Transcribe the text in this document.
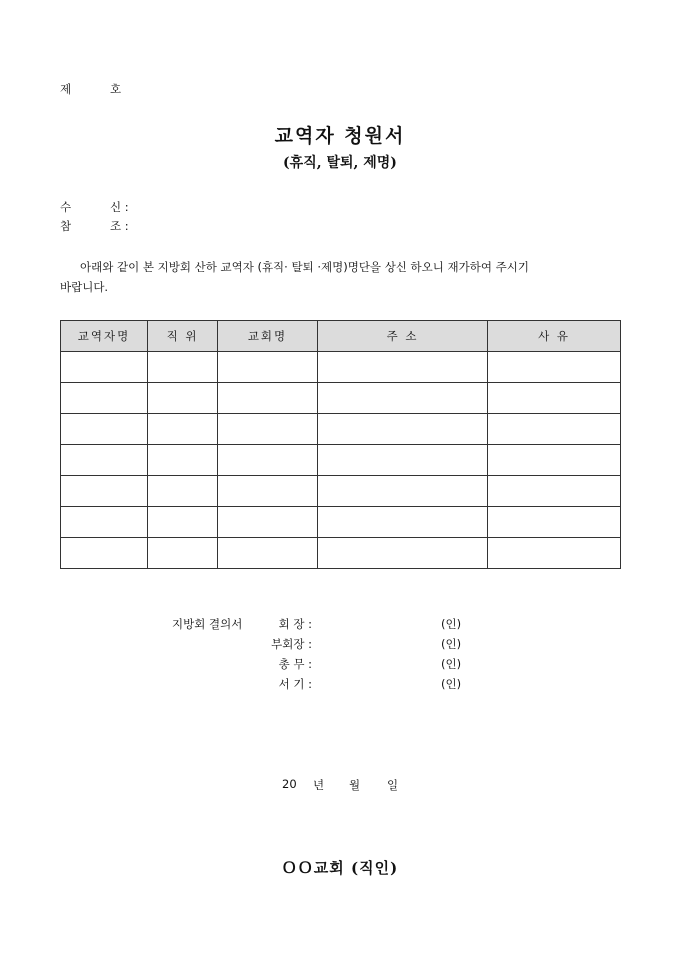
제	호
교역자 청원서
(휴직, 탈퇴, 제명)
수	신 :
참	조 :
아래와 같이 본 지방회 산하 교역자 (휴직· 탈퇴 ·제명)명단을 상신 하오니 재가하여 주시기
바랍니다.
교역자명	직 위	교회명	주 소	사 유

지방회 결의서	회 장 :	(인)
부회장 :	(인)
총 무 :	(인)
서 기 :	(인)
20 년 월 일
ＯＯ교회 (직인)
